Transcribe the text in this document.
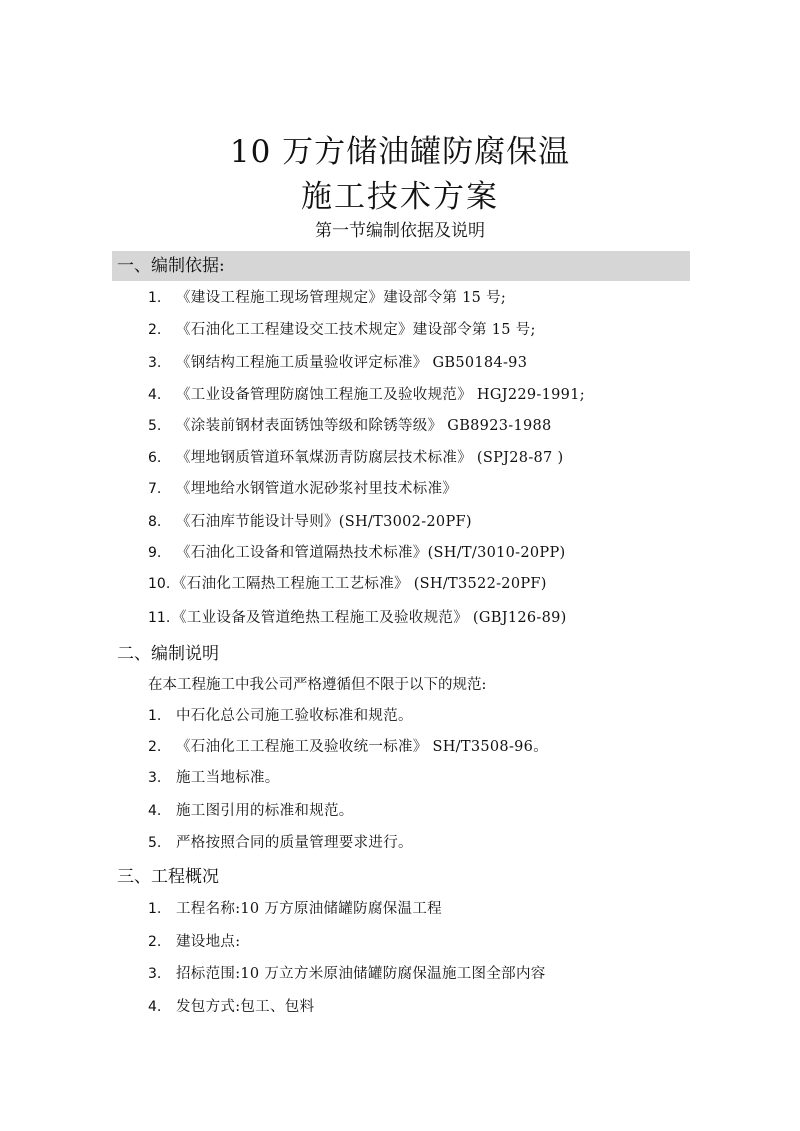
10 万方储油罐防腐保温
施工技术方案
第一节编制依据及说明
一、编制依据:
1. 《建设工程施工现场管理规定》建设部令第 15 号;
2. 《石油化工工程建设交工技术规定》建设部令第 15 号;
3. 《钢结构工程施工质量验收评定标准》 GB50184-93
4. 《工业设备管理防腐蚀工程施工及验收规范》 HGJ229-1991;
5. 《涂装前钢材表面锈蚀等级和除锈等级》 GB8923-1988
6. 《埋地钢质管道环氧煤沥青防腐层技术标准》 (SPJ28-87 )
7. 《埋地给水钢管道水泥砂浆衬里技术标准》
8. 《石油库节能设计导则》(SH/T3002-20PF)
9. 《石油化工设备和管道隔热技术标准》(SH/T/3010-20PP)
10. 《石油化工隔热工程施工工艺标准》 (SH/T3522-20PF)
11. 《工业设备及管道绝热工程施工及验收规范》 (GBJ126-89)
二、编制说明
在本工程施工中我公司严格遵循但不限于以下的规范:
1. 中石化总公司施工验收标准和规范。
2. 《石油化工工程施工及验收统一标准》 SH/T3508-96。
3. 施工当地标准。
4. 施工图引用的标准和规范。
5. 严格按照合同的质量管理要求进行。
三、工程概况
1. 工程名称:10 万方原油储罐防腐保温工程
2. 建设地点:
3. 招标范围:10 万立方米原油储罐防腐保温施工图全部内容
4. 发包方式:包工、包料
